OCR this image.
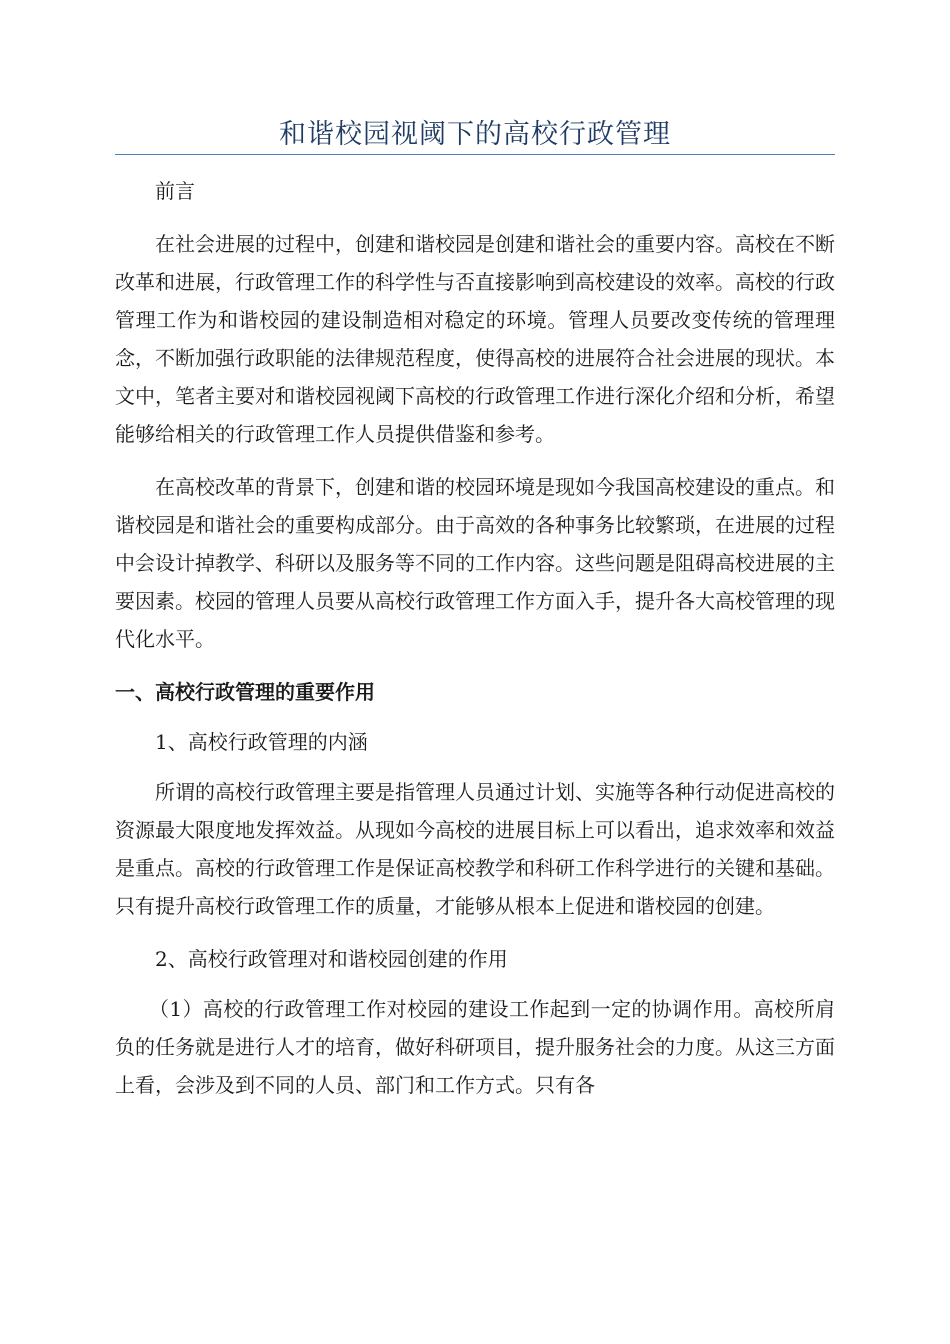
和谐校园视阈下的高校行政管理

前言

在社会进展的过程中，创建和谐校园是创建和谐社会的重要内容。高校在不断改革和进展，行政管理工作的科学性与否直接影响到高校建设的效率。高校的行政管理工作为和谐校园的建设制造相对稳定的环境。管理人员要改变传统的管理理念，不断加强行政职能的法律规范程度，使得高校的进展符合社会进展的现状。本文中，笔者主要对和谐校园视阈下高校的行政管理工作进行深化介绍和分析，希望能够给相关的行政管理工作人员提供借鉴和参考。

在高校改革的背景下，创建和谐的校园环境是现如今我国高校建设的重点。和谐校园是和谐社会的重要构成部分。由于高效的各种事务比较繁琐，在进展的过程中会设计掉教学、科研以及服务等不同的工作内容。这些问题是阻碍高校进展的主要因素。校园的管理人员要从高校行政管理工作方面入手，提升各大高校管理的现代化水平。

一、高校行政管理的重要作用

1、高校行政管理的内涵

所谓的高校行政管理主要是指管理人员通过计划、实施等各种行动促进高校的资源最大限度地发挥效益。从现如今高校的进展目标上可以看出，追求效率和效益是重点。高校的行政管理工作是保证高校教学和科研工作科学进行的关键和基础。只有提升高校行政管理工作的质量，才能够从根本上促进和谐校园的创建。

2、高校行政管理对和谐校园创建的作用

（1）高校的行政管理工作对校园的建设工作起到一定的协调作用。高校所肩负的任务就是进行人才的培育，做好科研项目，提升服务社会的力度。从这三方面上看，会涉及到不同的人员、部门和工作方式。只有各
